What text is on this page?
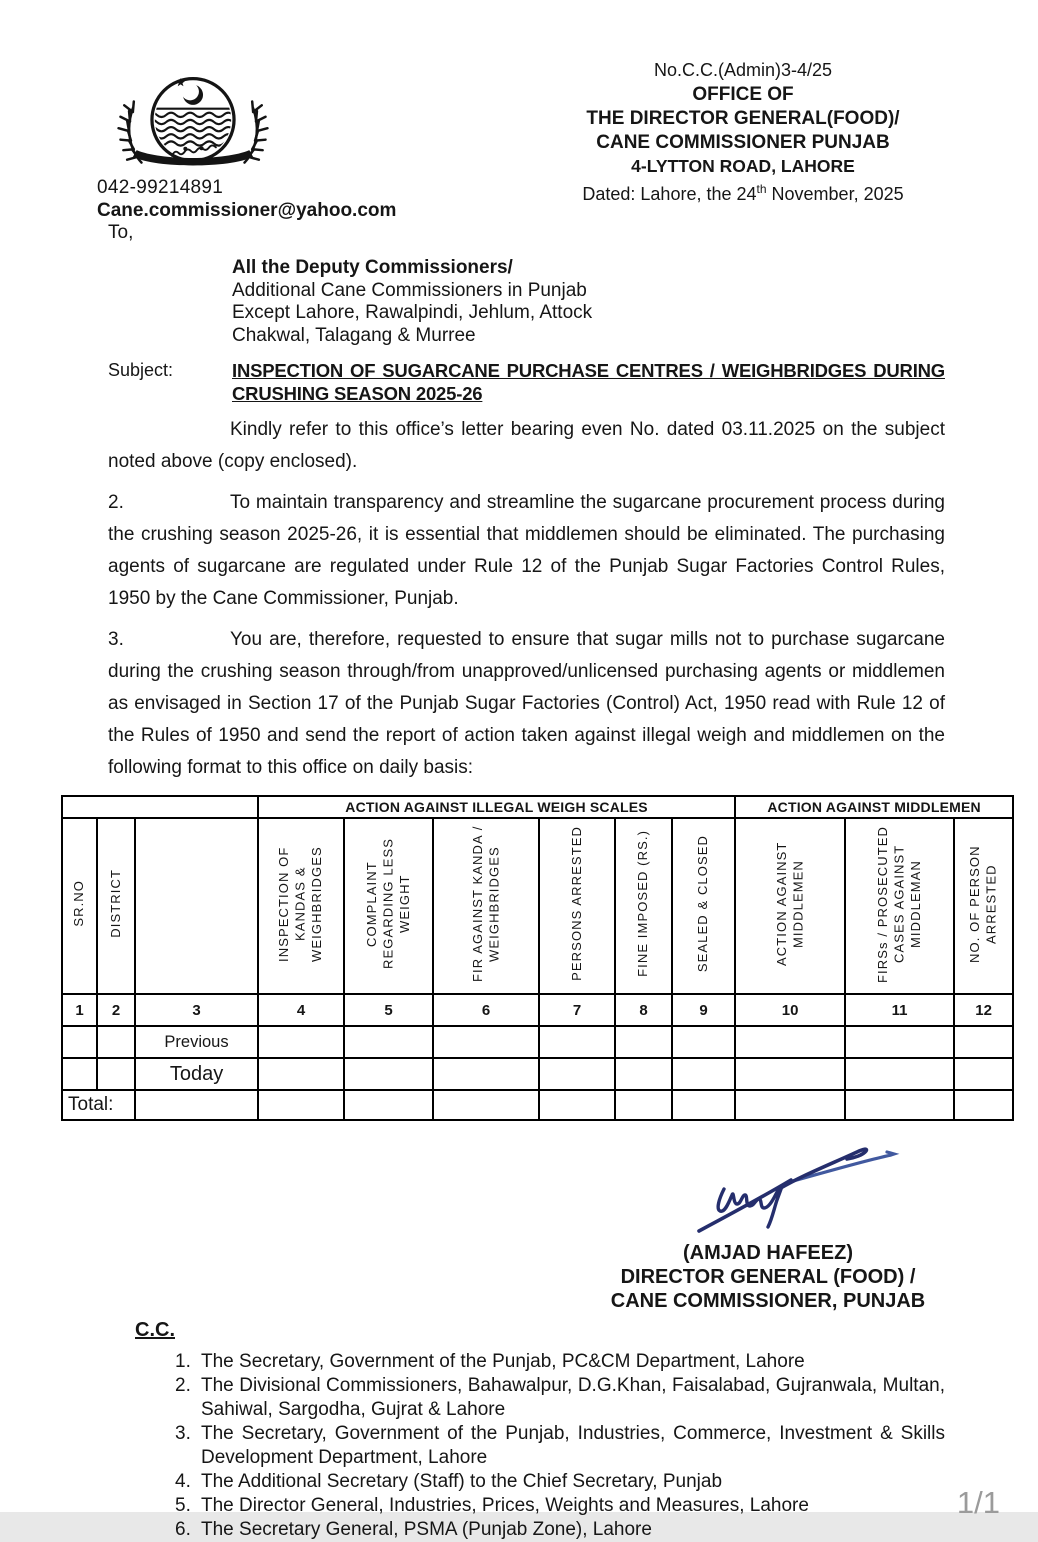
042-99214891
Cane.commissioner@yahoo.com
No.C.C.(Admin)3-4/25
OFFICE OF
THE DIRECTOR GENERAL(FOOD)/
CANE COMMISSIONER PUNJAB
4-LYTTON ROAD, LAHORE
Dated: Lahore, the 24th November, 2025
To,
All the Deputy Commissioners/
Additional Cane Commissioners in Punjab
Except Lahore, Rawalpindi, Jehlum, Attock
Chakwal, Talagang & Murree
Subject:	INSPECTION OF SUGARCANE PURCHASE CENTRES / WEIGHBRIDGES DURING CRUSHING SEASON 2025-26

Kindly refer to this office’s letter bearing even No. dated 03.11.2025 on the subject noted above (copy enclosed).

2.	To maintain transparency and streamline the sugarcane procurement process during the crushing season 2025-26, it is essential that middlemen should be eliminated. The purchasing agents of sugarcane are regulated under Rule 12 of the Punjab Sugar Factories Control Rules, 1950 by the Cane Commissioner, Punjab.

3.	You are, therefore, requested to ensure that sugar mills not to purchase sugarcane during the crushing season through/from unapproved/unlicensed purchasing agents or middlemen as envisaged in Section 17 of the Punjab Sugar Factories (Control) Act, 1950 read with Rule 12 of the Rules of 1950 and send the report of action taken against illegal weigh and middlemen on the following format to this office on daily basis:

			ACTION AGAINST ILLEGAL WEIGH SCALES						ACTION AGAINST MIDDLEMEN		
SR.NO	DISTRICT		INSPECTION OF KANDAS & WEIGHBRIDGES	COMPLAINT REGARDING LESS WEIGHT	FIR AGAINST KANDA / WEIGHBRIDGES	PERSONS ARRESTED	FINE IMPOSED (RS.)	SEALED & CLOSED	ACTION AGAINST MIDDLEMEN	FIRSs / PROSECUTED CASES AGAINST MIDDLEMAN	NO. OF PERSON ARRESTED
1	2	3	4	5	6	7	8	9	10	11	12
		Previous									
		Today									
Total:											
(AMJAD HAFEEZ)
DIRECTOR GENERAL (FOOD) /
CANE COMMISSIONER, PUNJAB
C.C.
1. The Secretary, Government of the Punjab, PC&CM Department, Lahore
2. The Divisional Commissioners, Bahawalpur, D.G.Khan, Faisalabad, Gujranwala, Multan, Sahiwal, Sargodha, Gujrat & Lahore
3. The Secretary, Government of the Punjab, Industries, Commerce, Investment & Skills Development Department, Lahore
4. The Additional Secretary (Staff) to the Chief Secretary, Punjab
5. The Director General, Industries, Prices, Weights and Measures, Lahore
6. The Secretary General, PSMA (Punjab Zone), Lahore
1/1
